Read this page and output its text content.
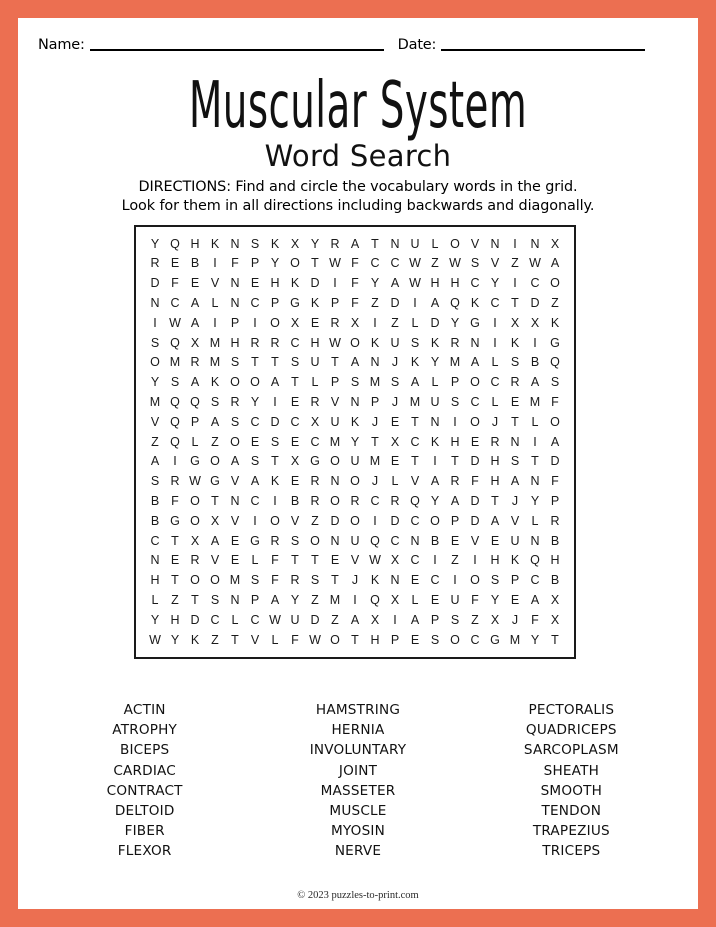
Name:	Date:
Muscular System
Word Search
DIRECTIONS: Find and circle the vocabulary words in the grid.
Look for them in all directions including backwards and diagonally.
Y	Q	H	K	N	S	K	X	Y	R	A	T	N	U	L	O	V	N	I	N	X
R	E	B	I	F	P	Y	O	T	W	F	C	C	W	Z	W	S	V	Z	W	A
D	F	E	V	N	E	H	K	D	I	F	Y	A	W	H	H	C	Y	I	C	O
N	C	A	L	N	C	P	G	K	P	F	Z	D	I	A	Q	K	C	T	D	Z
I	W	A	I	P	I	O	X	E	R	X	I	Z	L	D	Y	G	I	X	X	K
S	Q	X	M	H	R	R	C	H	W	O	K	U	S	K	R	N	I	K	I	G
O	M	R	M	S	T	T	S	U	T	A	N	J	K	Y	M	A	L	S	B	Q
Y	S	A	K	O	O	A	T	L	P	S	M	S	A	L	P	O	C	R	A	S
M	Q	Q	S	R	Y	I	E	R	V	N	P	J	M	U	S	C	L	E	M	F
V	Q	P	A	S	C	D	C	X	U	K	J	E	T	N	I	O	J	T	L	O
Z	Q	L	Z	O	E	S	E	C	M	Y	T	X	C	K	H	E	R	N	I	A
A	I	G	O	A	S	T	X	G	O	U	M	E	T	I	T	D	H	S	T	D
S	R	W	G	V	A	K	E	R	N	O	J	L	V	A	R	F	H	A	N	F
B	F	O	T	N	C	I	B	R	O	R	C	R	Q	Y	A	D	T	J	Y	P
B	G	O	X	V	I	O	V	Z	D	O	I	D	C	O	P	D	A	V	L	R
C	T	X	A	E	G	R	S	O	N	U	Q	C	N	B	E	V	E	U	N	B
N	E	R	V	E	L	F	T	T	E	V	W	X	C	I	Z	I	H	K	Q	H
H	T	O	O	M	S	F	R	S	T	J	K	N	E	C	I	O	S	P	C	B
L	Z	T	S	N	P	A	Y	Z	M	I	Q	X	L	E	U	F	Y	E	A	X
Y	H	D	C	L	C	W	U	D	Z	A	X	I	A	P	S	Z	X	J	F	X
W	Y	K	Z	T	V	L	F	W	O	T	H	P	E	S	O	C	G	M	Y	T
ACTIN
ATROPHY
BICEPS
CARDIAC
CONTRACT
DELTOID
FIBER
FLEXOR
HAMSTRING
HERNIA
INVOLUNTARY
JOINT
MASSETER
MUSCLE
MYOSIN
NERVE
PECTORALIS
QUADRICEPS
SARCOPLASM
SHEATH
SMOOTH
TENDON
TRAPEZIUS
TRICEPS
© 2023 puzzles-to-print.com
